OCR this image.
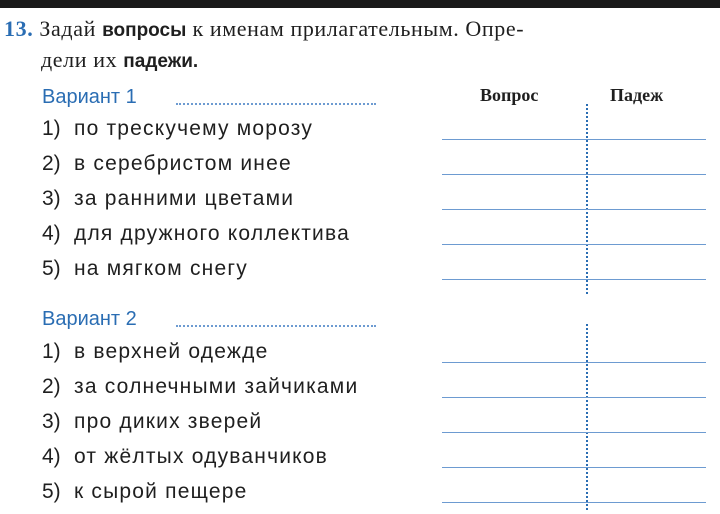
13. Задай вопросы к именам прилагательным. Опре-
дели их падежи.
Вариант 1	Вопрос	Падеж
1) по трескучему морозу
2) в серебристом инее
3) за ранними цветами
4) для дружного коллектива
5) на мягком снегу
Вариант 2
1) в верхней одежде
2) за солнечными зайчиками
3) про диких зверей
4) от жёлтых одуванчиков
5) к сырой пещере
